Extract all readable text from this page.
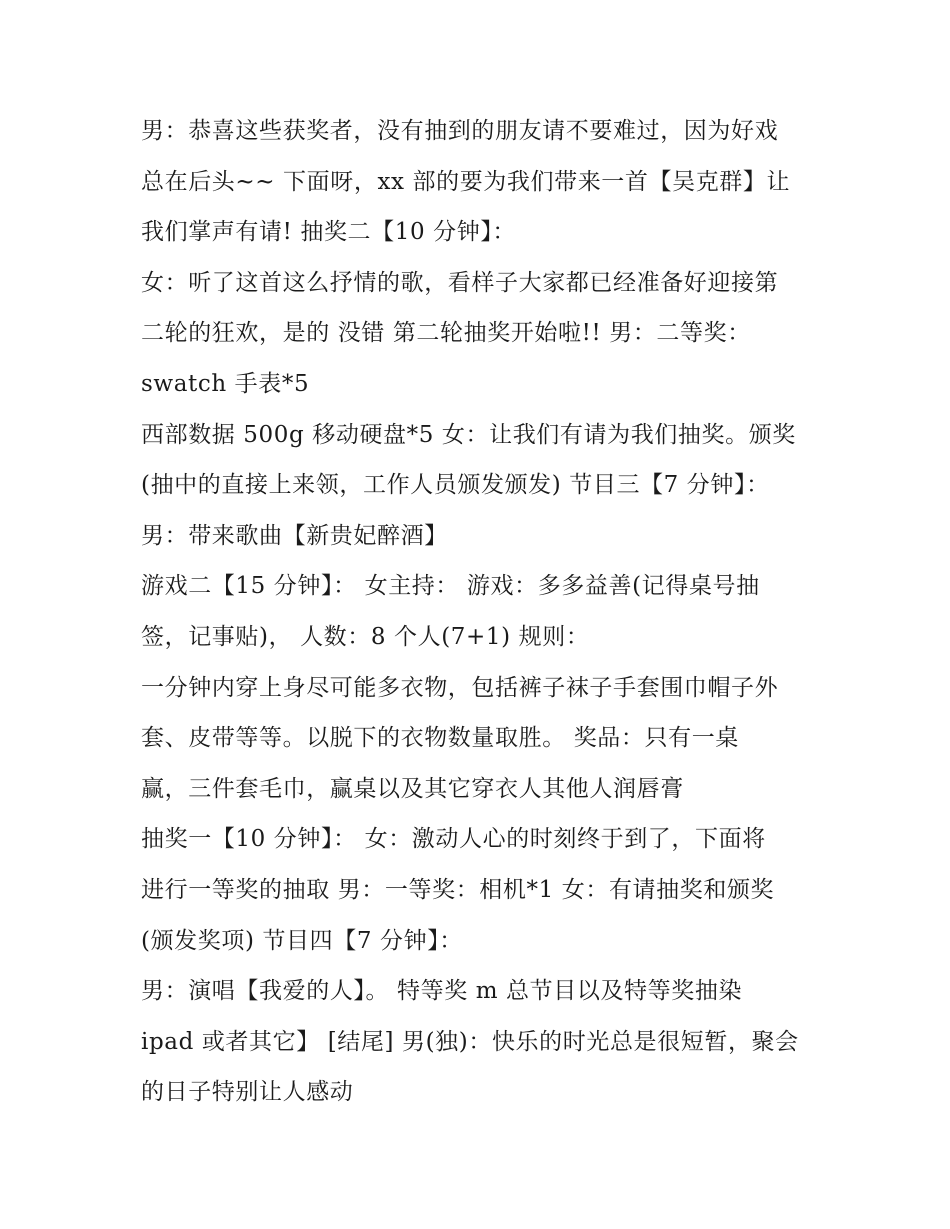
男：恭喜这些获奖者，没有抽到的朋友请不要难过，因为好戏
总在后头~~ 下面呀，xx 部的要为我们带来一首【吴克群】让
我们掌声有请! 抽奖二【10 分钟】：
女：听了这首这么抒情的歌，看样子大家都已经准备好迎接第
二轮的狂欢，是的 没错 第二轮抽奖开始啦!! 男：二等奖：
swatch 手表*5
西部数据 500g 移动硬盘*5 女：让我们有请为我们抽奖。颁奖
(抽中的直接上来领，工作人员颁发颁发) 节目三【7 分钟】：
男：带来歌曲【新贵妃醉酒】
游戏二【15 分钟】： 女主持： 游戏：多多益善(记得桌号抽
签，记事贴)， 人数：8 个人(7+1) 规则：
一分钟内穿上身尽可能多衣物，包括裤子袜子手套围巾帽子外
套、皮带等等。以脱下的衣物数量取胜。 奖品：只有一桌
赢，三件套毛巾，赢桌以及其它穿衣人其他人润唇膏
抽奖一【10 分钟】： 女：激动人心的时刻终于到了，下面将
进行一等奖的抽取 男：一等奖：相机*1 女：有请抽奖和颁奖
(颁发奖项) 节目四【7 分钟】：
男：演唱【我爱的人】。 特等奖 m 总节目以及特等奖抽染
ipad 或者其它】 [结尾] 男(独)：快乐的时光总是很短暂，聚会
的日子特别让人感动
